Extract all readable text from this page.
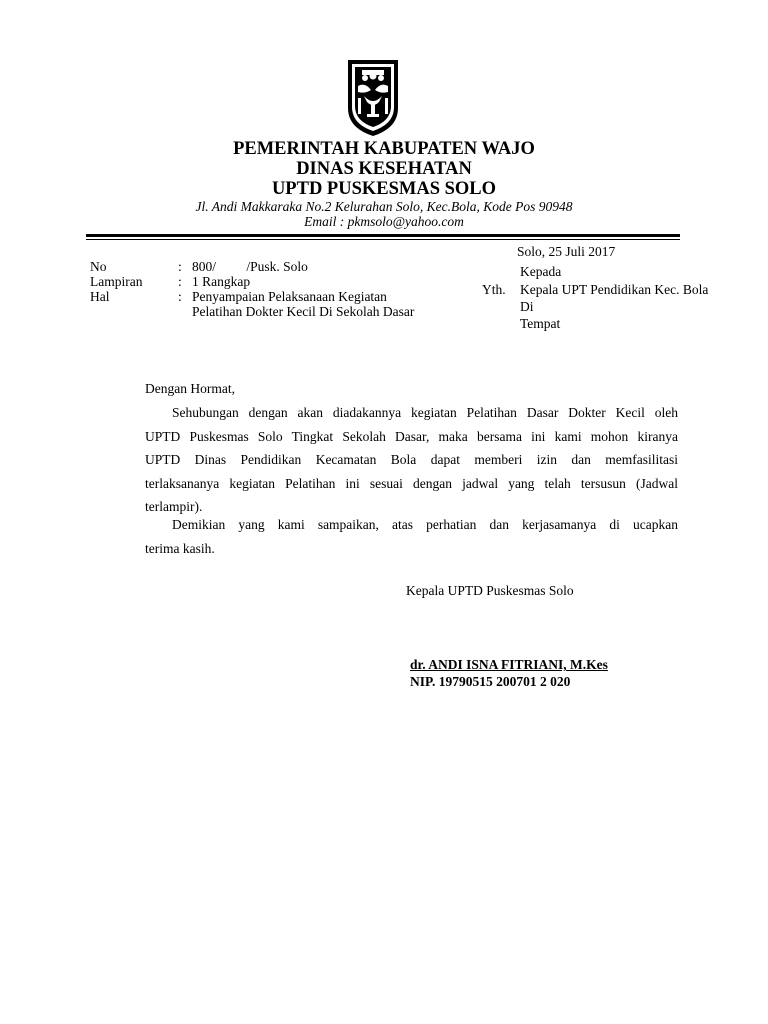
PEMERINTAH KABUPATEN WAJO
DINAS KESEHATAN
UPTD PUSKESMAS SOLO
Jl. Andi Makkaraka No.2 Kelurahan Solo, Kec.Bola, Kode Pos 90948
Email : pkmsolo@yahoo.com
Solo, 25 Juli 2017
No	: 800/         /Pusk. Solo
Lampiran	: 1 Rangkap
Hal	: Penyampaian Pelaksanaan Kegiatan
Pelatihan Dokter Kecil Di Sekolah Dasar
Kepada
Yth. Kepala UPT Pendidikan Kec. Bola
Di
Tempat
Dengan Hormat,
Sehubungan dengan akan diadakannya kegiatan Pelatihan Dasar Dokter Kecil oleh
UPTD Puskesmas Solo Tingkat Sekolah Dasar, maka bersama ini kami mohon kiranya
UPTD Dinas Pendidikan Kecamatan Bola dapat memberi izin dan memfasilitasi
terlaksananya kegiatan Pelatihan ini sesuai dengan jadwal yang telah tersusun (Jadwal
terlampir).
Demikian yang kami sampaikan, atas perhatian dan kerjasamanya di ucapkan
terima kasih.
Kepala UPTD Puskesmas Solo
dr. ANDI ISNA FITRIANI, M.Kes
NIP. 19790515 200701 2 020
